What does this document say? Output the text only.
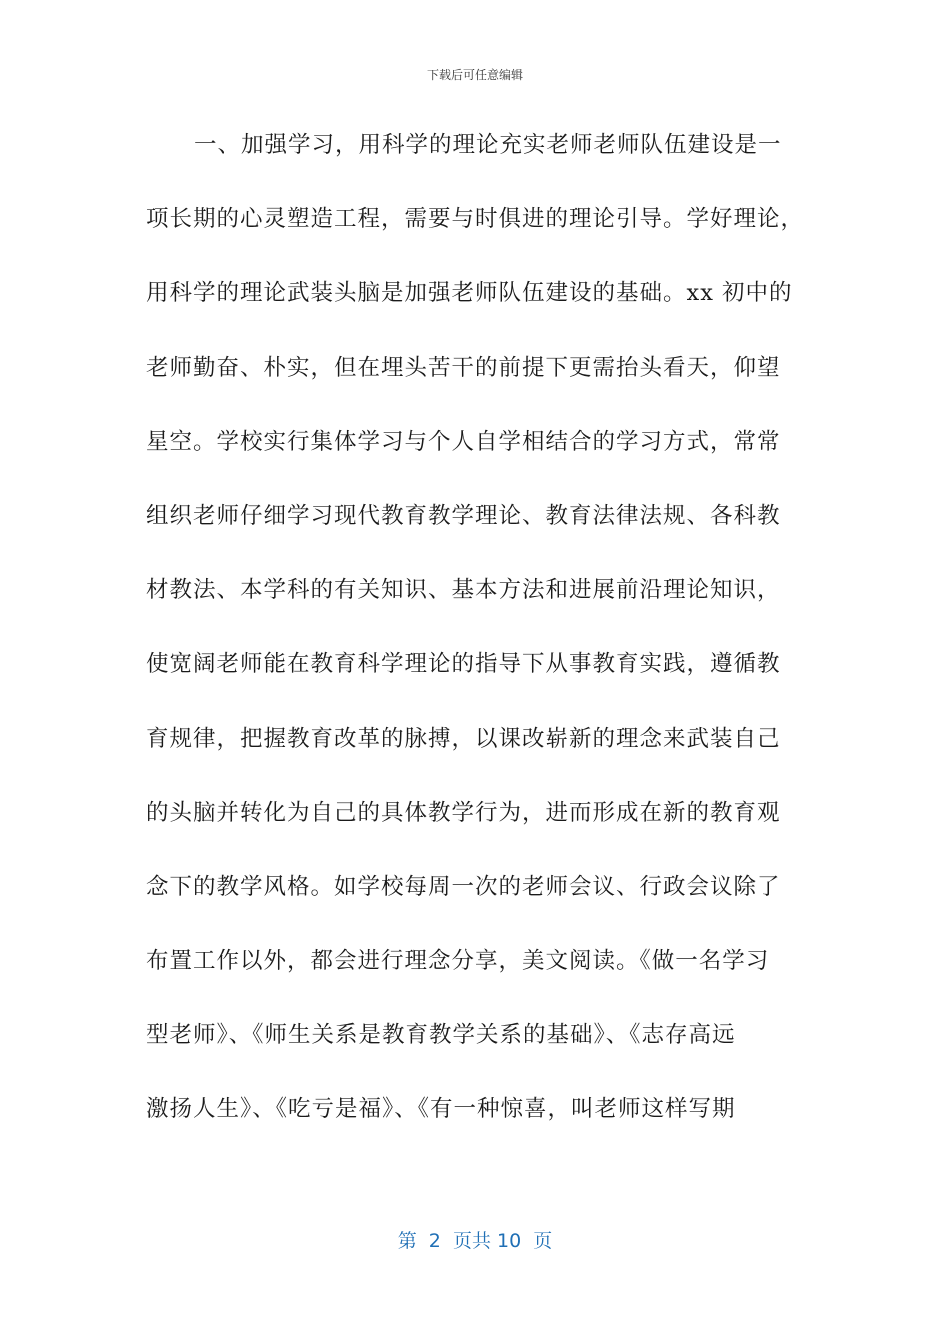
下载后可任意编辑
一、加强学习，用科学的理论充实老师老师队伍建设是一
项长期的心灵塑造工程，需要与时俱进的理论引导。学好理论，
用科学的理论武装头脑是加强老师队伍建设的基础。xx 初中的
老师勤奋、朴实，但在埋头苦干的前提下更需抬头看天，仰望
星空。学校实行集体学习与个人自学相结合的学习方式，常常
组织老师仔细学习现代教育教学理论、教育法律法规、各科教
材教法、本学科的有关知识、基本方法和进展前沿理论知识，
使宽阔老师能在教育科学理论的指导下从事教育实践，遵循教
育规律，把握教育改革的脉搏，以课改崭新的理念来武装自己
的头脑并转化为自己的具体教学行为，进而形成在新的教育观
念下的教学风格。如学校每周一次的老师会议、行政会议除了
布置工作以外，都会进行理念分享，美文阅读。《做一名学习
型老师》、《师生关系是教育教学关系的基础》、《志存高远
激扬人生》、《吃亏是福》、《有一种惊喜，叫老师这样写期
第  2  页共 10  页
